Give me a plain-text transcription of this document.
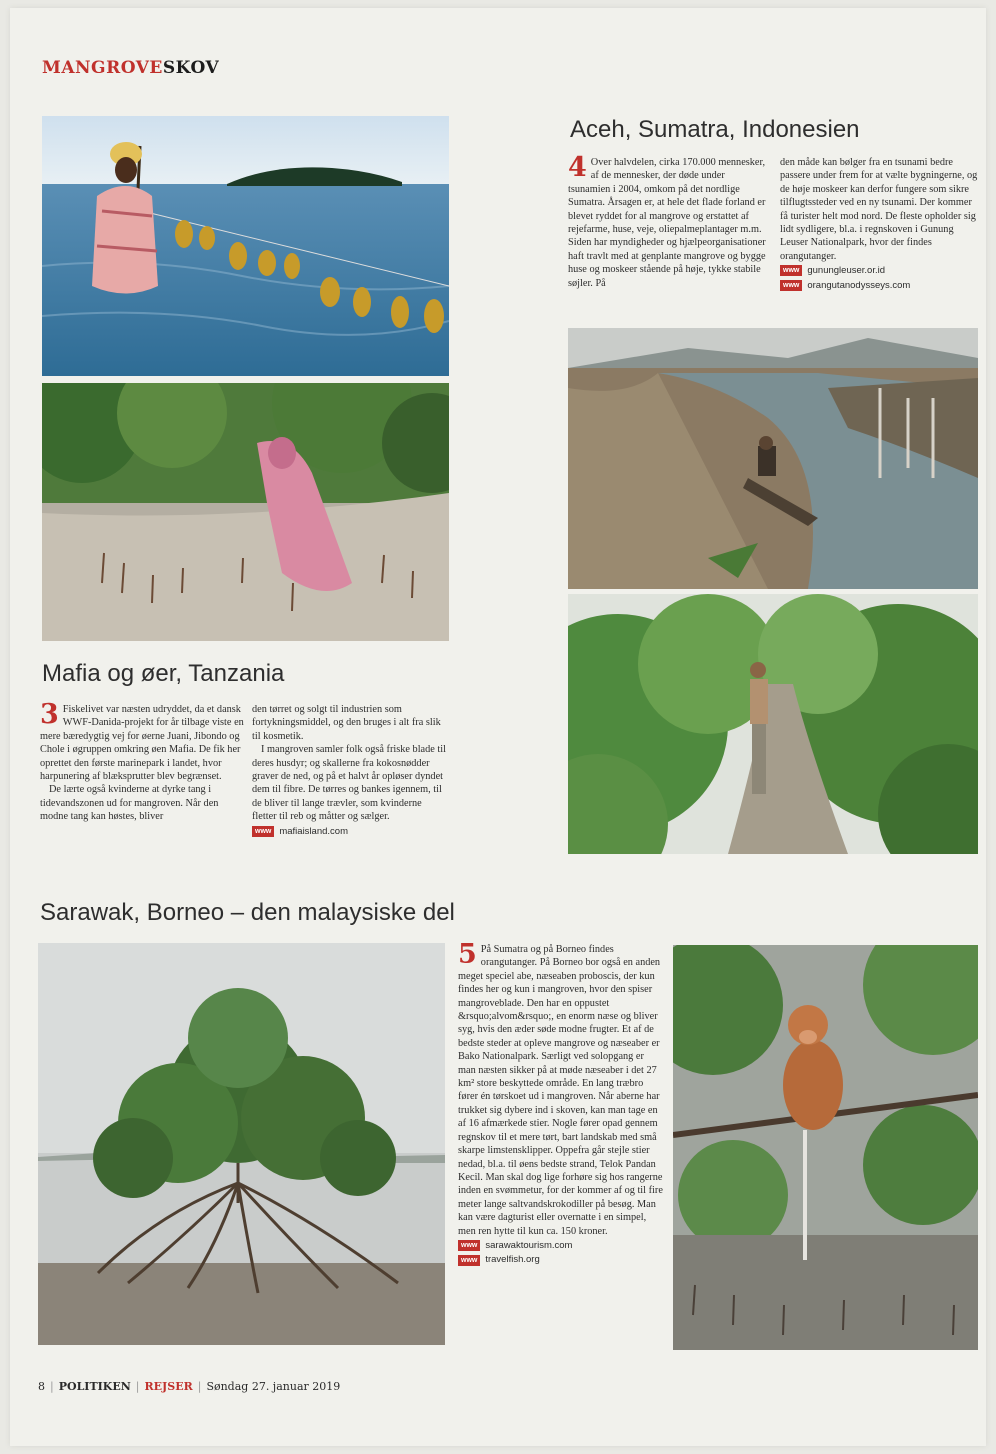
MANGROVESKOV
Aceh, Sumatra, Indonesien

4 Over halvdelen, cirka 170.000 mennesker, af de mennesker, der døde under tsunamien i 2004, omkom på det nordlige Sumatra. Årsagen er, at hele det flade forland er blevet ryddet for al mangrove og erstattet af rejefarme, huse, veje, oliepalmeplantager m.m. Siden har myndigheder og hjælpeorganisationer haft travlt med at genplante mangrove og bygge huse og moskeer stående på høje, tykke stabile søjler. På

den måde kan bølger fra en tsunami bedre passere under frem for at vælte bygningerne, og de høje moskeer kan derfor fungere som sikre tilflugtssteder ved en ny tsunami. Der kommer få turister helt mod nord. De fleste opholder sig lidt sydligere, bl.a. i regnskoven i Gunung Leuser Nationalpark, hvor der findes orangutanger.

www gunungleuser.or.id
www orangutanodysseys.com
Mafia og øer, Tanzania

3 Fiskelivet var næsten udryddet, da et dansk WWF-Danida-projekt for år tilbage viste en mere bæredygtig vej for øerne Juani, Jibondo og Chole i øgruppen omkring øen Mafia. De fik her oprettet den første marinepark i landet, hvor harpunering af blæksprutter blev begrænset.

De lærte også kvinderne at dyrke tang i tidevandszonen ud for mangroven. Når den modne tang kan høstes, bliver

den tørret og solgt til industrien som fortykningsmiddel, og den bruges i alt fra slik til kosmetik.

I mangroven samler folk også friske blade til deres husdyr; og skallerne fra kokosnødder graver de ned, og på et halvt år opløser dyndet dem til fibre. De tørres og bankes igennem, til de bliver til lange trævler, som kvinderne fletter til reb og måtter og sælger.

www mafiaisland.com
Sarawak, Borneo – den malaysiske del

5 På Sumatra og på Borneo findes orangutanger. På Borneo bor også en anden meget speciel abe, næseaben proboscis, der kun findes her og kun i mangroven, hvor den spiser mangroveblade. Den har en oppustet &rsquo;alvom&rsquo;, en enorm næse og bliver syg, hvis den æder søde modne frugter. Et af de bedste steder at opleve mangrove og næseaber er Bako Nationalpark. Særligt ved solopgang er man næsten sikker på at møde næseaber i det 27 km² store beskyttede område. En lang træbro fører én tørskoet ud i mangroven. Når aberne har trukket sig dybere ind i skoven, kan man tage en af 16 afmærkede stier. Nogle fører opad gennem regnskov til et mere tørt, bart landskab med små skarpe limstensklipper. Oppefra går stejle stier nedad, bl.a. til øens bedste strand, Telok Pandan Kecil. Man skal dog lige forhøre sig hos rangerne inden en svømmetur, for der kommer af og til fire meter lange saltvandskrokodiller på besøg. Man kan være dagturist eller overnatte i en simpel, men ren hytte til kun ca. 150 kroner.

www sarawaktourism.com
www travelfish.org
8 | POLITIKEN | REJSER | Søndag 27. januar 2019
